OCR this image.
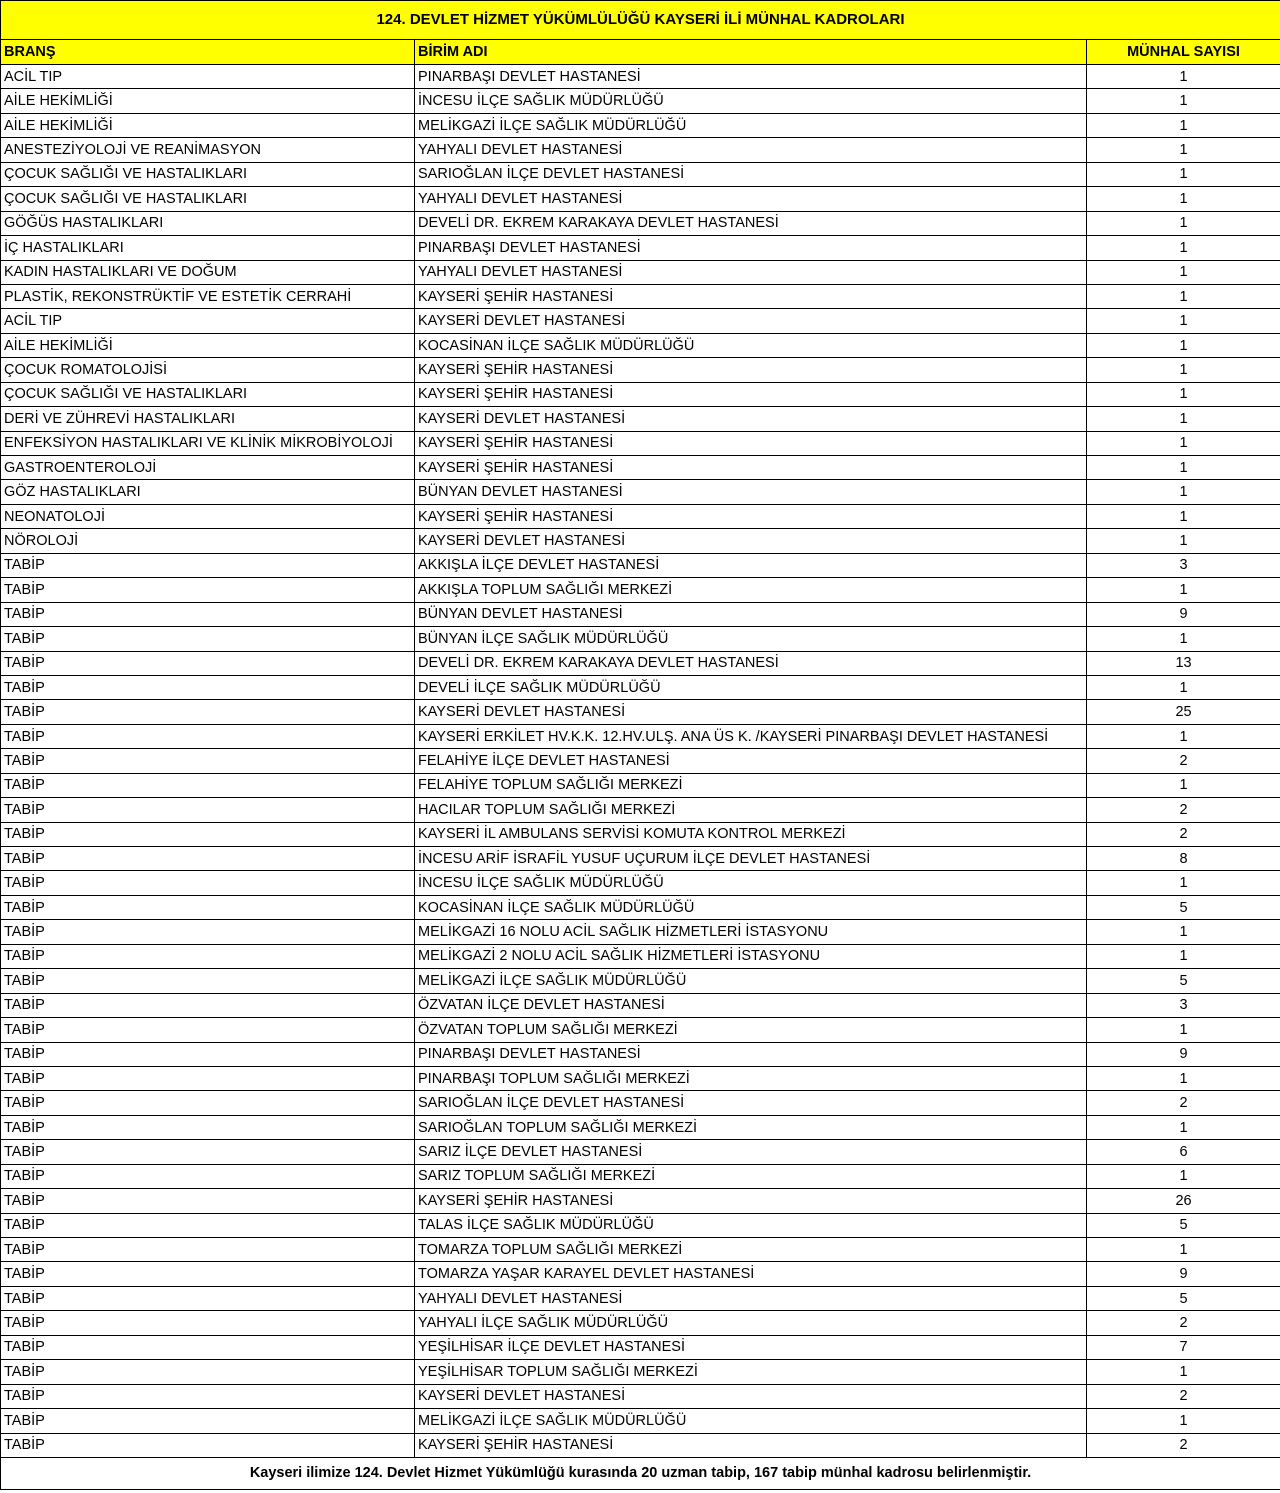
124. DEVLET HİZMET YÜKÜMLÜLÜĞÜ KAYSERİ İLİ MÜNHAL KADROLARI		
BRANŞ	BİRİM ADI	MÜNHAL SAYISI
ACİL TIP	PINARBAŞI DEVLET HASTANESİ	1
AİLE HEKİMLİĞİ	İNCESU İLÇE SAĞLIK MÜDÜRLÜĞÜ	1
AİLE HEKİMLİĞİ	MELİKGAZİ İLÇE SAĞLIK MÜDÜRLÜĞÜ	1
ANESTEZİYOLOJİ VE REANİMASYON	YAHYALI DEVLET HASTANESİ	1
ÇOCUK SAĞLIĞI VE HASTALIKLARI	SARIOĞLAN İLÇE DEVLET HASTANESİ	1
ÇOCUK SAĞLIĞI VE HASTALIKLARI	YAHYALI DEVLET HASTANESİ	1
GÖĞÜS HASTALIKLARI	DEVELİ DR. EKREM KARAKAYA DEVLET HASTANESİ	1
İÇ HASTALIKLARI	PINARBAŞI DEVLET HASTANESİ	1
KADIN HASTALIKLARI VE DOĞUM	YAHYALI DEVLET HASTANESİ	1
PLASTİK, REKONSTRÜKTİF VE ESTETİK CERRAHİ	KAYSERİ ŞEHİR HASTANESİ	1
ACİL TIP	KAYSERİ DEVLET HASTANESİ	1
AİLE HEKİMLİĞİ	KOCASİNAN İLÇE SAĞLIK MÜDÜRLÜĞÜ	1
ÇOCUK ROMATOLOJİSİ	KAYSERİ ŞEHİR HASTANESİ	1
ÇOCUK SAĞLIĞI VE HASTALIKLARI	KAYSERİ ŞEHİR HASTANESİ	1
DERİ VE ZÜHREVİ HASTALIKLARI	KAYSERİ DEVLET HASTANESİ	1
ENFEKSİYON HASTALIKLARI VE KLİNİK MİKROBİYOLOJİ	KAYSERİ ŞEHİR HASTANESİ	1
GASTROENTEROLOJİ	KAYSERİ ŞEHİR HASTANESİ	1
GÖZ HASTALIKLARI	BÜNYAN DEVLET HASTANESİ	1
NEONATOLOJİ	KAYSERİ ŞEHİR HASTANESİ	1
NÖROLOJİ	KAYSERİ DEVLET HASTANESİ	1
TABİP	AKKIŞLA İLÇE DEVLET HASTANESİ	3
TABİP	AKKIŞLA TOPLUM SAĞLIĞI MERKEZİ	1
TABİP	BÜNYAN DEVLET HASTANESİ	9
TABİP	BÜNYAN İLÇE SAĞLIK MÜDÜRLÜĞÜ	1
TABİP	DEVELİ DR. EKREM KARAKAYA DEVLET HASTANESİ	13
TABİP	DEVELİ İLÇE SAĞLIK MÜDÜRLÜĞÜ	1
TABİP	KAYSERİ DEVLET HASTANESİ	25
TABİP	KAYSERİ ERKİLET HV.K.K. 12.HV.ULŞ. ANA ÜS K. /KAYSERİ PINARBAŞI DEVLET HASTANESİ	1
TABİP	FELAHİYE İLÇE DEVLET HASTANESİ	2
TABİP	FELAHİYE TOPLUM SAĞLIĞI MERKEZİ	1
TABİP	HACILAR TOPLUM SAĞLIĞI MERKEZİ	2
TABİP	KAYSERİ İL AMBULANS SERVİSİ KOMUTA KONTROL MERKEZİ	2
TABİP	İNCESU ARİF İSRAFİL YUSUF UÇURUM İLÇE DEVLET HASTANESİ	8
TABİP	İNCESU İLÇE SAĞLIK MÜDÜRLÜĞÜ	1
TABİP	KOCASİNAN İLÇE SAĞLIK MÜDÜRLÜĞÜ	5
TABİP	MELİKGAZİ 16 NOLU ACİL SAĞLIK HİZMETLERİ İSTASYONU	1
TABİP	MELİKGAZİ 2 NOLU ACİL SAĞLIK HİZMETLERİ İSTASYONU	1
TABİP	MELİKGAZİ İLÇE SAĞLIK MÜDÜRLÜĞÜ	5
TABİP	ÖZVATAN İLÇE DEVLET HASTANESİ	3
TABİP	ÖZVATAN TOPLUM SAĞLIĞI MERKEZİ	1
TABİP	PINARBAŞI DEVLET HASTANESİ	9
TABİP	PINARBAŞI TOPLUM SAĞLIĞI MERKEZİ	1
TABİP	SARIOĞLAN İLÇE DEVLET HASTANESİ	2
TABİP	SARIOĞLAN TOPLUM SAĞLIĞI MERKEZİ	1
TABİP	SARIZ İLÇE DEVLET HASTANESİ	6
TABİP	SARIZ TOPLUM SAĞLIĞI MERKEZİ	1
TABİP	KAYSERİ ŞEHİR HASTANESİ	26
TABİP	TALAS İLÇE SAĞLIK MÜDÜRLÜĞÜ	5
TABİP	TOMARZA TOPLUM SAĞLIĞI MERKEZİ	1
TABİP	TOMARZA YAŞAR KARAYEL DEVLET HASTANESİ	9
TABİP	YAHYALI DEVLET HASTANESİ	5
TABİP	YAHYALI İLÇE SAĞLIK MÜDÜRLÜĞÜ	2
TABİP	YEŞİLHİSAR İLÇE DEVLET HASTANESİ	7
TABİP	YEŞİLHİSAR TOPLUM SAĞLIĞI MERKEZİ	1
TABİP	KAYSERİ DEVLET HASTANESİ	2
TABİP	MELİKGAZİ İLÇE SAĞLIK MÜDÜRLÜĞÜ	1
TABİP	KAYSERİ ŞEHİR HASTANESİ	2
Kayseri ilimize 124. Devlet Hizmet Yükümlüğü kurasında 20 uzman tabip, 167 tabip münhal kadrosu belirlenmiştir.		
